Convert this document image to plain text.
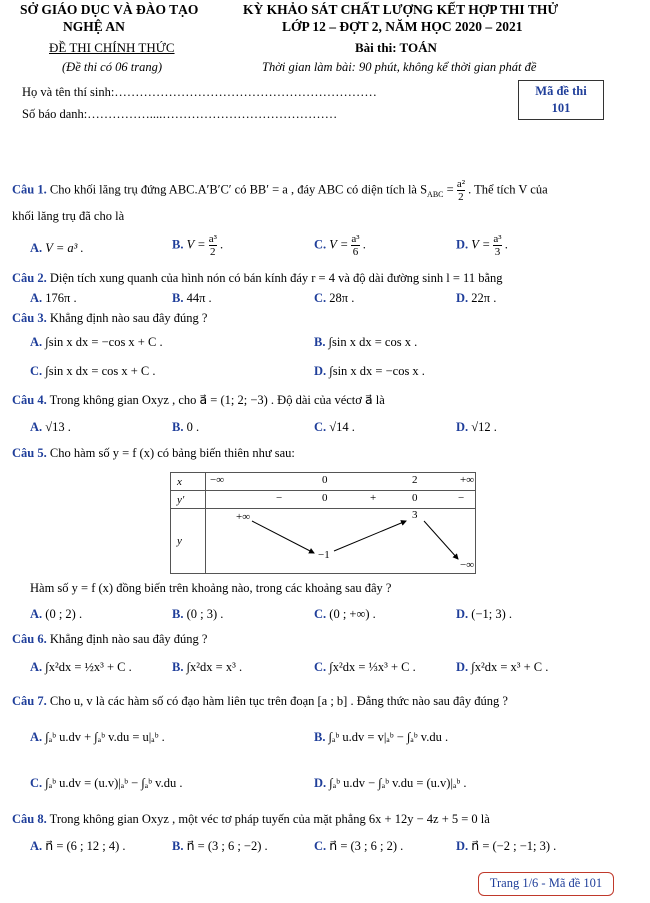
SỞ GIÁO DỤC VÀ ĐÀO TẠO
NGHỆ AN
ĐỀ THI CHÍNH THỨC
(Đề thi có 06 trang)
KỲ KHẢO SÁT CHẤT LƯỢNG KẾT HỢP THI THỬ
LỚP 12 – ĐỢT 2, NĂM HỌC 2020 – 2021
Bài thi: TOÁN
Thời gian làm bài: 90 phút, không kể thời gian phát đề
Họ và tên thí sinh:………………………………………………………
Số báo danh:……………....……………………………………
Mã đề thi
101
Câu 1. Cho khối lăng trụ đứng ABC.A′B′C′ có BB′ = a , đáy ABC có diện tích là $S_{ABC} = \frac{\text{a²}}{2}$ . Thể tích V của
khối lăng trụ đã cho là
A. V = a³ .	B. $V = \frac{\text{a³}}{2}$ .	C. $V = \frac{\text{a³}}{6}$ .	D. $V = \frac{\text{a³}}{3}$ .
Câu 2. Diện tích xung quanh của hình nón có bán kính đáy r = 4 và độ dài đường sinh l = 11 bằng
A. 176π .	B. 44π .	C. 28π .	D. 22π .
Câu 3. Khẳng định nào sau đây đúng ?
A. ∫sin x dx = −cos x + C .	B. ∫sin x dx = cos x .
C. ∫sin x dx = cos x + C .	D. ∫sin x dx = −cos x .
Câu 4. Trong không gian Oxyz , cho a⃗ = (1; 2; −3) . Độ dài của véctơ a⃗ là
A. √13 .	B. 0 .	C. √14 .	D. √12 .
Câu 5. Cho hàm số y = f (x) có bảng biến thiên như sau:
x	−∞ 0 2 +∞

y′	− 0 + 0 −

y	+∞ 3
−1
−∞
Hàm số y = f (x) đồng biến trên khoảng nào, trong các khoảng sau đây ?
A. (0 ; 2) .	B. (0 ; 3) .	C. (0 ; +∞) .	D. (−1; 3) .
Câu 6. Khẳng định nào sau đây đúng ?
A. ∫x²dx = ½x³ + C .	B. ∫x²dx = x³ .	C. ∫x²dx = ⅓x³ + C .	D. ∫x²dx = x³ + C .
Câu 7. Cho u, v là các hàm số có đạo hàm liên tục trên đoạn [a ; b] . Đẳng thức nào sau đây đúng ?
A. ∫ₐᵇ u.dv + ∫ₐᵇ v.du = u|ₐᵇ .	B. ∫ₐᵇ u.dv = v|ₐᵇ − ∫ₐᵇ v.du .
C. ∫ₐᵇ u.dv = (u.v)|ₐᵇ − ∫ₐᵇ v.du .	D. ∫ₐᵇ u.dv − ∫ₐᵇ v.du = (u.v)|ₐᵇ .
Câu 8. Trong không gian Oxyz , một véc tơ pháp tuyến của mặt phẳng 6x + 12y − 4z + 5 = 0 là
A. n⃗ = (6 ; 12 ; 4) .	B. n⃗ = (3 ; 6 ; −2) .	C. n⃗ = (3 ; 6 ; 2) .	D. n⃗ = (−2 ; −1; 3) .
Trang 1/6 - Mã đề 101
